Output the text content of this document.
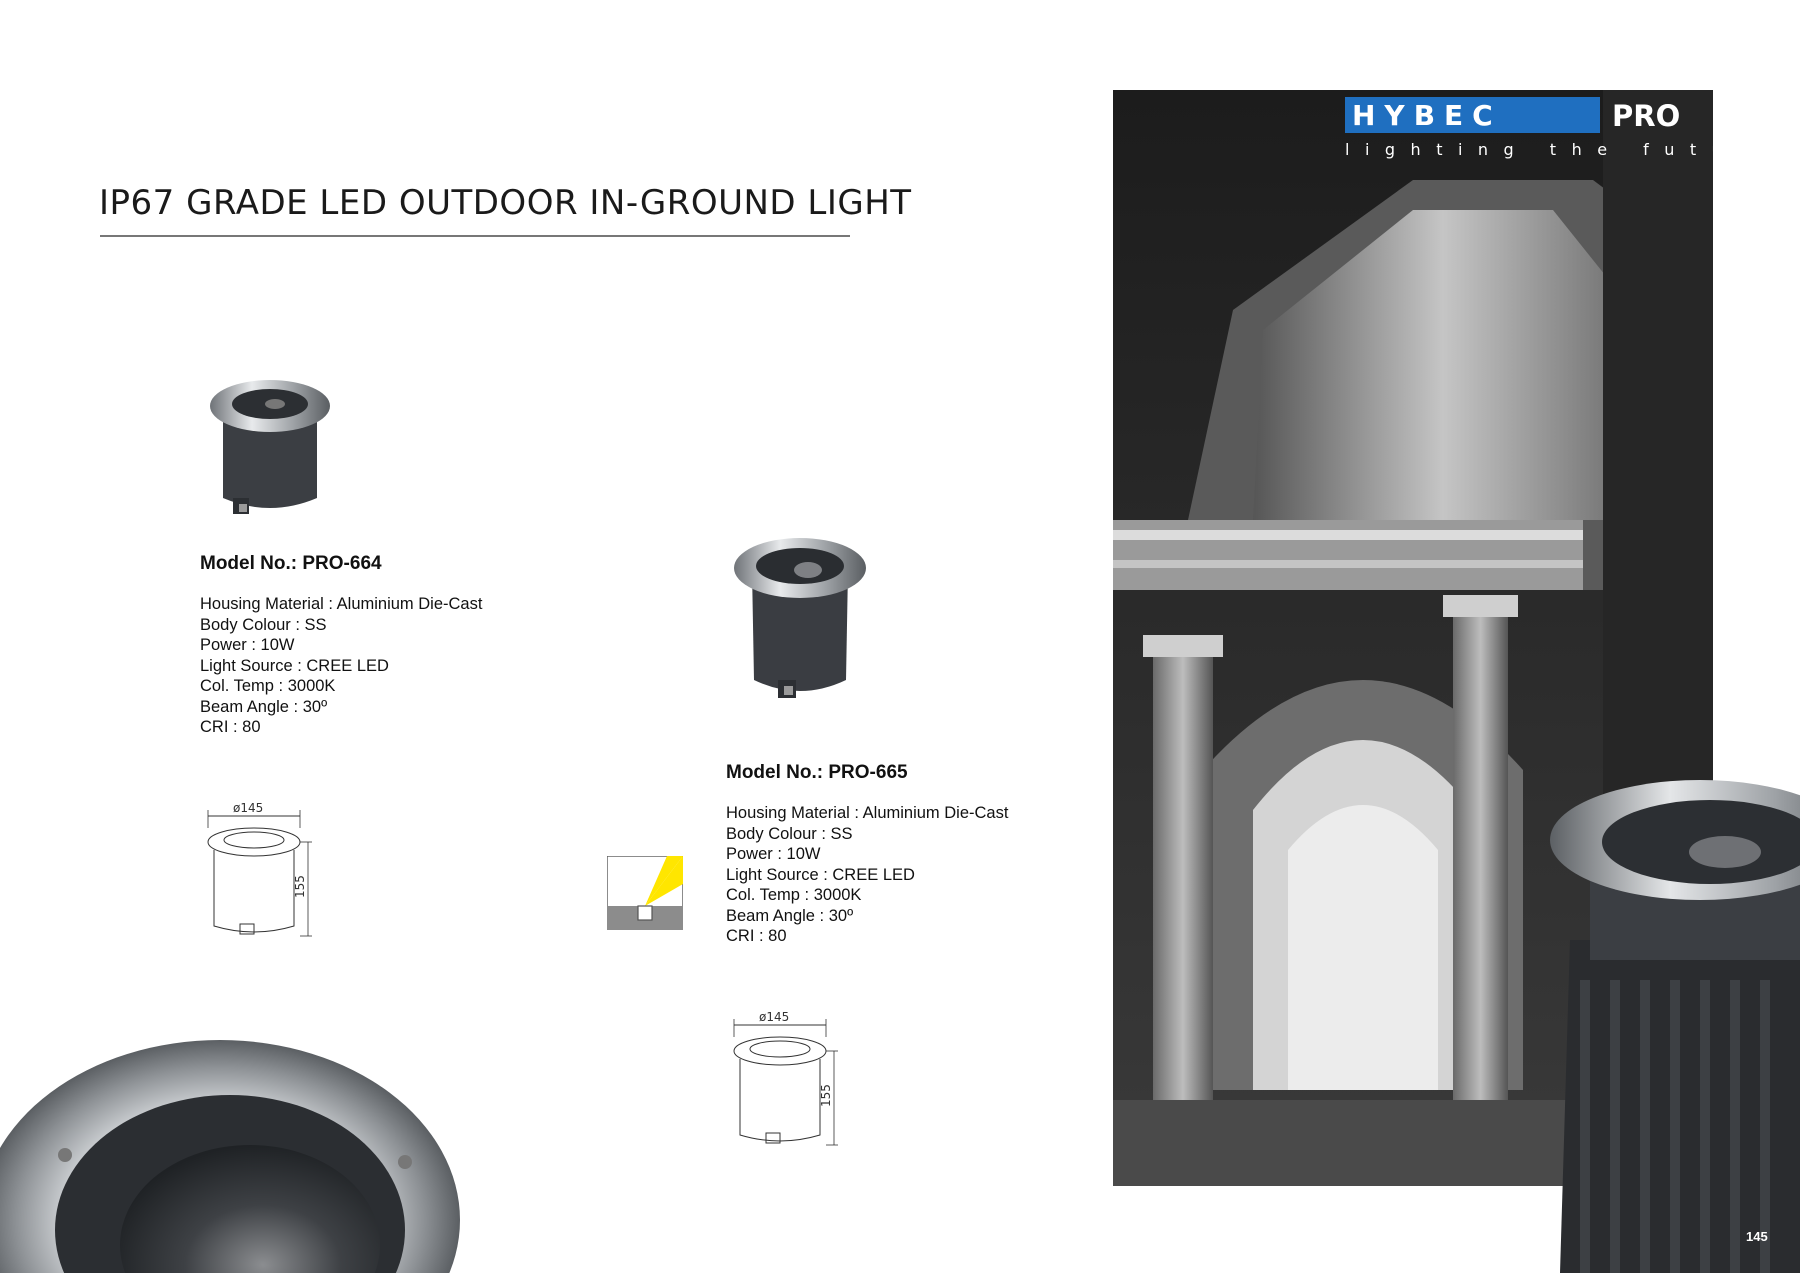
IP67 GRADE LED OUTDOOR IN-GROUND LIGHT
Model No.: PRO-664
Housing Material : Aluminium Die-Cast
Body Colour : SS
Power : 10W
Light Source : CREE LED
Col. Temp : 3000K
Beam Angle : 30º
CRI : 80
ø145
155
Model No.: PRO-665
Housing Material : Aluminium Die-Cast
Body Colour : SS
Power : 10W
Light Source : CREE LED
Col. Temp : 3000K
Beam Angle : 30º
CRI : 80
ø145
155
HYBEC	PRO
lighting the future
145
